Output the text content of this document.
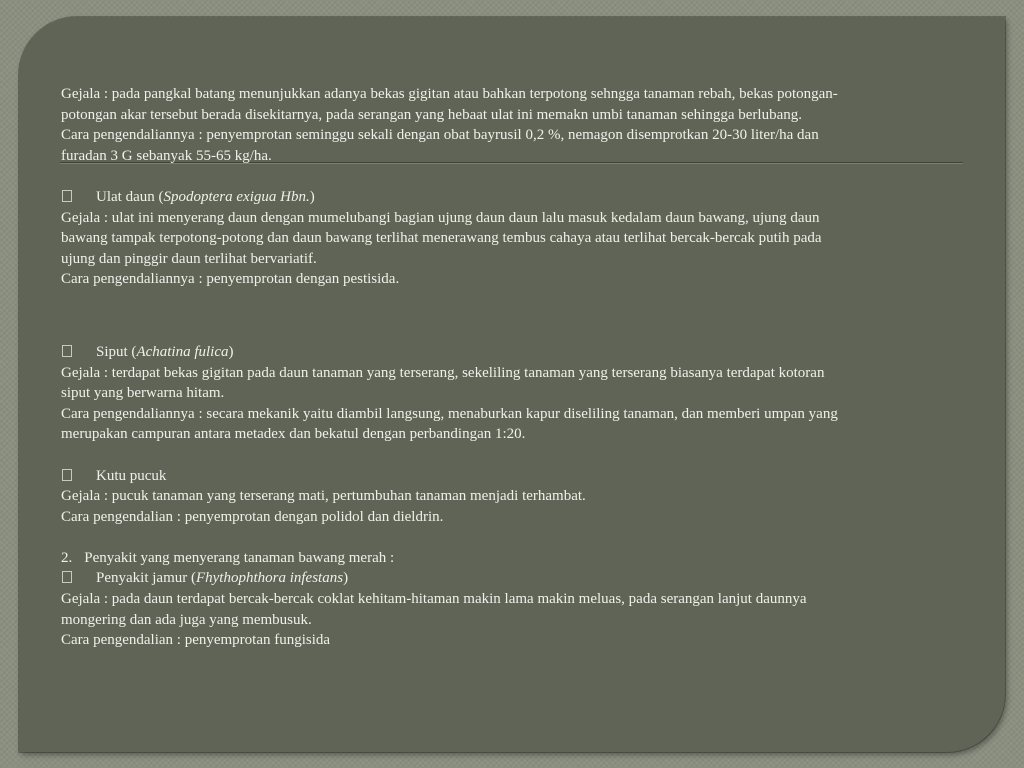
Gejala : pada pangkal batang menunjukkan adanya bekas gigitan atau bahkan terpotong sehngga tanaman rebah, bekas potongan-
potongan akar tersebut berada disekitarnya, pada serangan yang hebaat ulat ini memakn umbi tanaman sehingga berlubang.
Cara pengendaliannya : penyemprotan seminggu sekali dengan obat bayrusil 0,2 %, nemagon disemprotkan 20-30 liter/ha dan
furadan 3 G sebanyak 55-65 kg/ha.
Ulat daun (Spodoptera exigua Hbn.)
Gejala : ulat ini menyerang daun dengan mumelubangi bagian ujung daun daun lalu masuk kedalam daun bawang, ujung daun
bawang tampak terpotong-potong dan daun bawang terlihat menerawang tembus cahaya atau terlihat bercak-bercak putih pada
ujung dan pinggir daun terlihat bervariatif.
Cara pengendaliannya : penyemprotan dengan pestisida.
Siput (Achatina fulica)
Gejala : terdapat bekas gigitan pada daun tanaman yang terserang, sekeliling tanaman yang terserang biasanya terdapat kotoran
siput yang berwarna hitam.
Cara pengendaliannya : secara mekanik yaitu diambil langsung, menaburkan kapur diseliling tanaman, dan memberi umpan yang
merupakan campuran antara metadex dan bekatul dengan perbandingan 1:20.
Kutu pucuk
Gejala : pucuk tanaman yang terserang mati, pertumbuhan tanaman menjadi terhambat.
Cara pengendalian : penyemprotan dengan polidol dan dieldrin.
2. Penyakit yang menyerang tanaman bawang merah :
Penyakit jamur (Fhythophthora infestans)
Gejala : pada daun terdapat bercak-bercak coklat kehitam-hitaman makin lama makin meluas, pada serangan lanjut daunnya
mongering dan ada juga yang membusuk.
Cara pengendalian : penyemprotan fungisida
